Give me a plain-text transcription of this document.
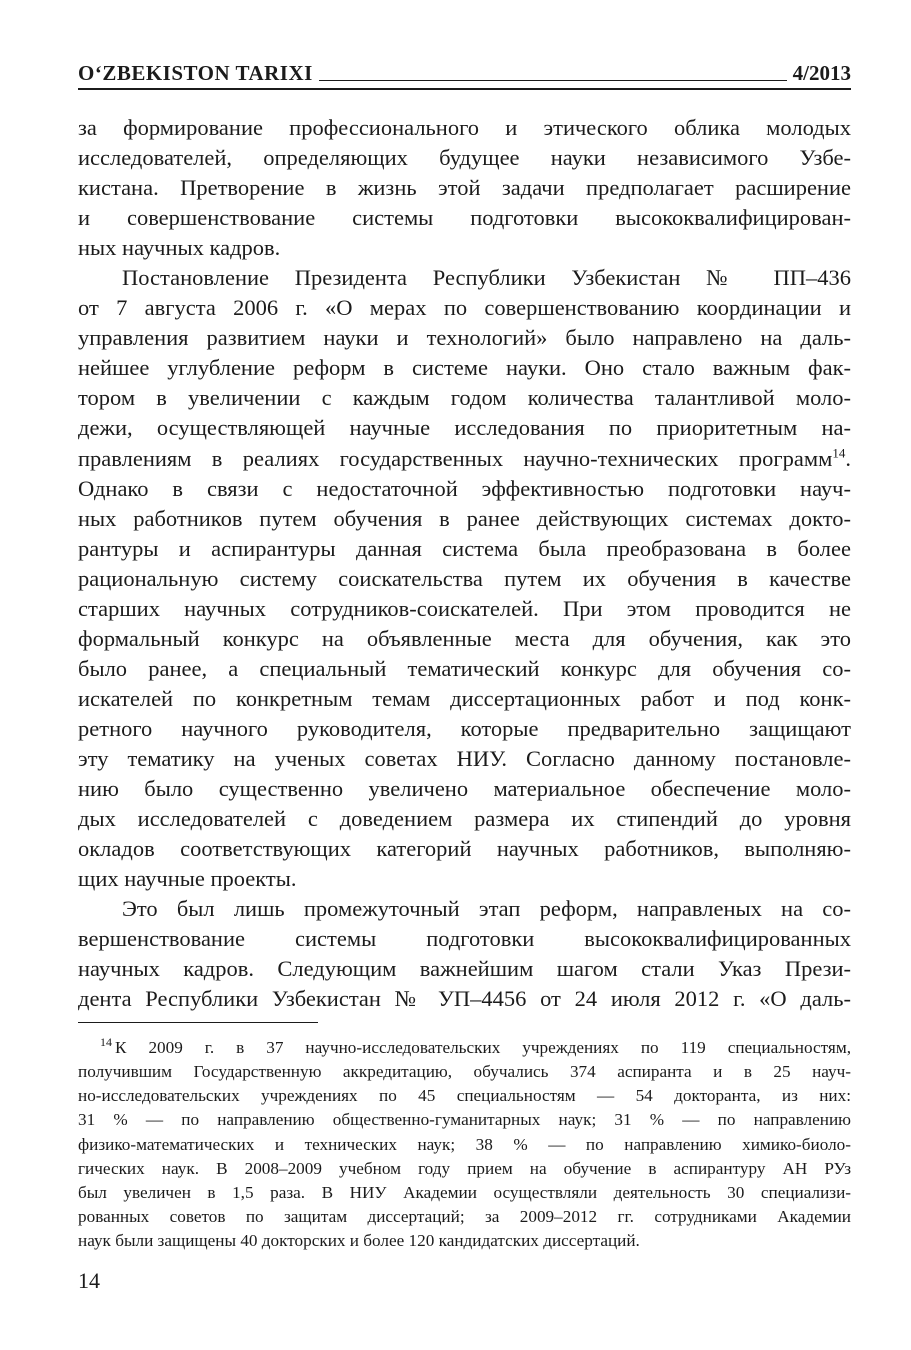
O‘ZBEKISTON TARIXI	4/2013
за формирование профессионального и этического облика молодых
исследователей, определяющих будущее науки независимого Узбе-
кистана. Претворение в жизнь этой задачи предполагает расширение
и совершенствование системы подготовки высококвалифицирован-
ных научных кадров.
Постановление Президента Республики Узбекистан № ПП–436
от 7 августа 2006 г. «О мерах по совершенствованию координации и
управления развитием науки и технологий» было направлено на даль-
нейшее углубление реформ в системе науки. Оно стало важным фак-
тором в увеличении с каждым годом количества талантливой моло-
дежи, осуществляющей научные исследования по приоритетным на-
правлениям в реалиях государственных научно-технических программ$^{14}$.
Однако в связи с недостаточной эффективностью подготовки науч-
ных работников путем обучения в ранее действующих системах докто-
рантуры и аспирантуры данная система была преобразована в более
рациональную систему соискательства путем их обучения в качестве
старших научных сотрудников-соискателей. При этом проводится не
формальный конкурс на объявленные места для обучения, как это
было ранее, а специальный тематический конкурс для обучения со-
искателей по конкретным темам диссертационных работ и под конк-
ретного научного руководителя, которые предварительно защищают
эту тематику на ученых советах НИУ. Согласно данному постановле-
нию было существенно увеличено материальное обеспечение моло-
дых исследователей с доведением размера их стипендий до уровня
окладов соответствующих категорий научных работников, выполняю-
щих научные проекты.
Это был лишь промежуточный этап реформ, направленых на со-
вершенствование системы подготовки высококвалифицированных
научных кадров. Следующим важнейшим шагом стали Указ Прези-
дента Республики Узбекистан № УП–4456 от 24 июля 2012 г. «О даль-
$^{14}$ К 2009 г. в 37 научно-исследовательских учреждениях по 119 специальностям,
получившим Государственную аккредитацию, обучались 374 аспиранта и в 25 науч-
но-исследовательских учреждениях по 45 специальностям — 54 докторанта, из них:
31 % — по направлению общественно-гуманитарных наук; 31 % — по направлению
физико-математических и технических наук; 38 % — по направлению химико-биоло-
гических наук. В 2008–2009 учебном году прием на обучение в аспирантуру АН РУз
был увеличен в 1,5 раза. В НИУ Академии осуществляли деятельность 30 специализи-
рованных советов по защитам диссертаций; за 2009–2012 гг. сотрудниками Академии
наук были защищены 40 докторских и более 120 кандидатских диссертаций.
14
